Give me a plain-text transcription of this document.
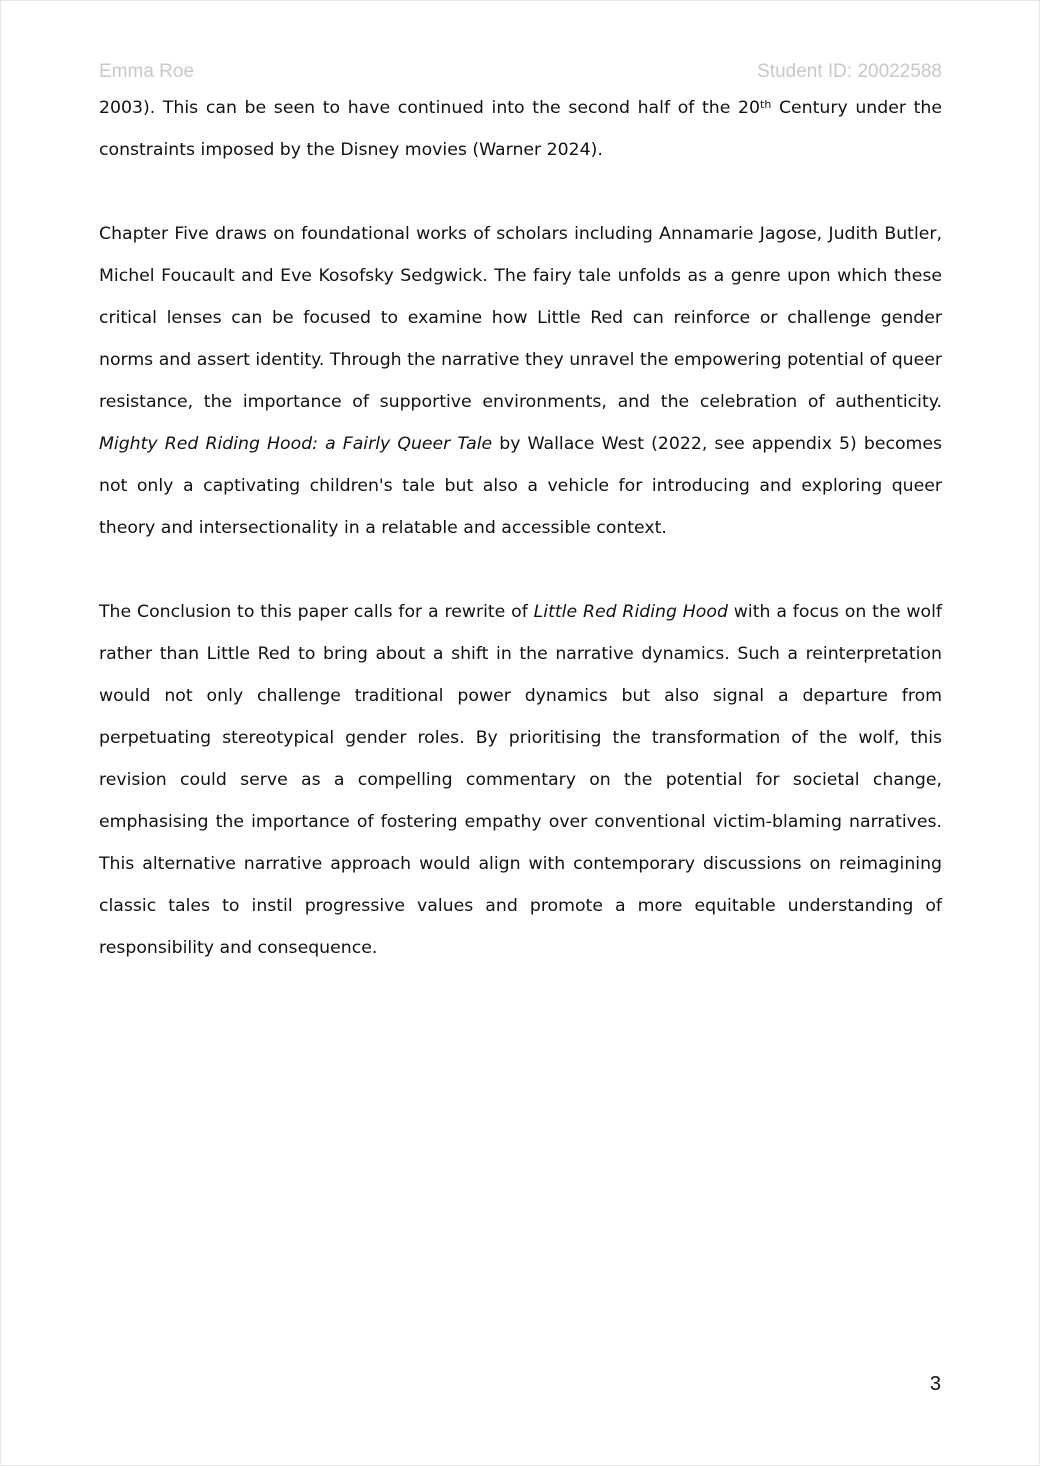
Emma Roe	Student ID: 20022588

2003). This can be seen to have continued into the second half of the 20th Century under the constraints imposed by the Disney movies (Warner 2024).

Chapter Five draws on foundational works of scholars including Annamarie Jagose, Judith Butler, Michel Foucault and Eve Kosofsky Sedgwick. The fairy tale unfolds as a genre upon which these critical lenses can be focused to examine how Little Red can reinforce or challenge gender norms and assert identity. Through the narrative they unravel the empowering potential of queer resistance, the importance of supportive environments, and the celebration of authenticity. Mighty Red Riding Hood: a Fairly Queer Tale by Wallace West (2022, see appendix 5) becomes not only a captivating children's tale but also a vehicle for introducing and exploring queer theory and intersectionality in a relatable and accessible context.

The Conclusion to this paper calls for a rewrite of Little Red Riding Hood with a focus on the wolf rather than Little Red to bring about a shift in the narrative dynamics. Such a reinterpretation would not only challenge traditional power dynamics but also signal a departure from perpetuating stereotypical gender roles. By prioritising the transformation of the wolf, this revision could serve as a compelling commentary on the potential for societal change, emphasising the importance of fostering empathy over conventional victim-blaming narratives. This alternative narrative approach would align with contemporary discussions on reimagining classic tales to instil progressive values and promote a more equitable understanding of responsibility and consequence.

3
